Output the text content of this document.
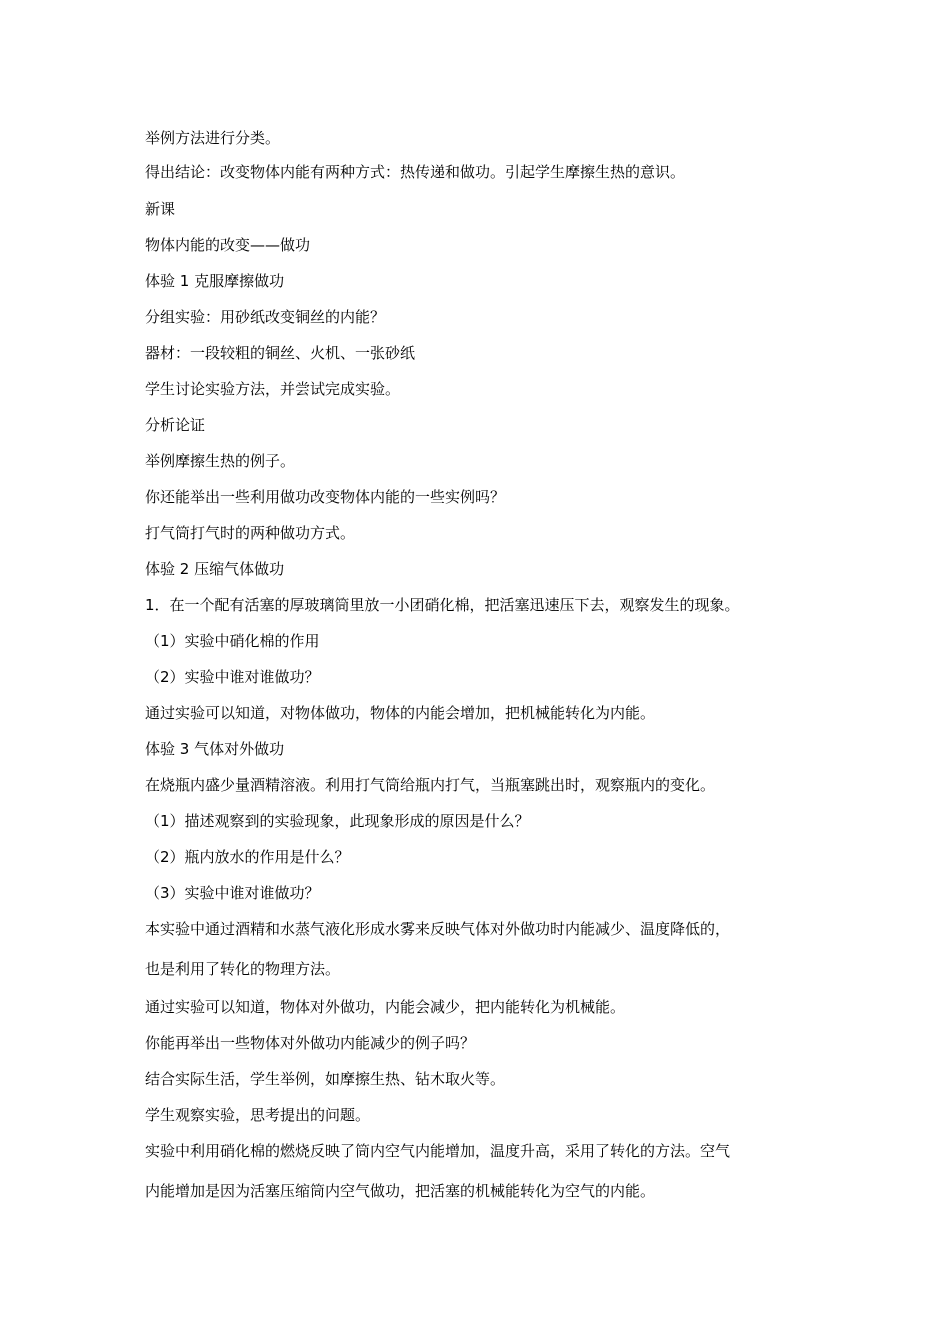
举例方法进行分类。
得出结论：改变物体内能有两种方式：热传递和做功。引起学生摩擦生热的意识。
新课
物体内能的改变——做功
体验 1 克服摩擦做功
分组实验：用砂纸改变铜丝的内能？
器材：一段较粗的铜丝、火机、一张砂纸
学生讨论实验方法，并尝试完成实验。
分析论证
举例摩擦生热的例子。
你还能举出一些利用做功改变物体内能的一些实例吗？
打气筒打气时的两种做功方式。
体验 2 压缩气体做功
1．在一个配有活塞的厚玻璃筒里放一小团硝化棉，把活塞迅速压下去，观察发生的现象。
（1）实验中硝化棉的作用
（2）实验中谁对谁做功？
通过实验可以知道，对物体做功，物体的内能会增加，把机械能转化为内能。
体验 3 气体对外做功
在烧瓶内盛少量酒精溶液。利用打气筒给瓶内打气，当瓶塞跳出时，观察瓶内的变化。
（1）描述观察到的实验现象，此现象形成的原因是什么？
（2）瓶内放水的作用是什么？
（3）实验中谁对谁做功？
本实验中通过酒精和水蒸气液化形成水雾来反映气体对外做功时内能减少、温度降低的，
也是利用了转化的物理方法。
通过实验可以知道，物体对外做功，内能会减少，把内能转化为机械能。
你能再举出一些物体对外做功内能减少的例子吗？
结合实际生活，学生举例，如摩擦生热、钻木取火等。
学生观察实验，思考提出的问题。
实验中利用硝化棉的燃烧反映了筒内空气内能增加，温度升高，采用了转化的方法。空气
内能增加是因为活塞压缩筒内空气做功，把活塞的机械能转化为空气的内能。
